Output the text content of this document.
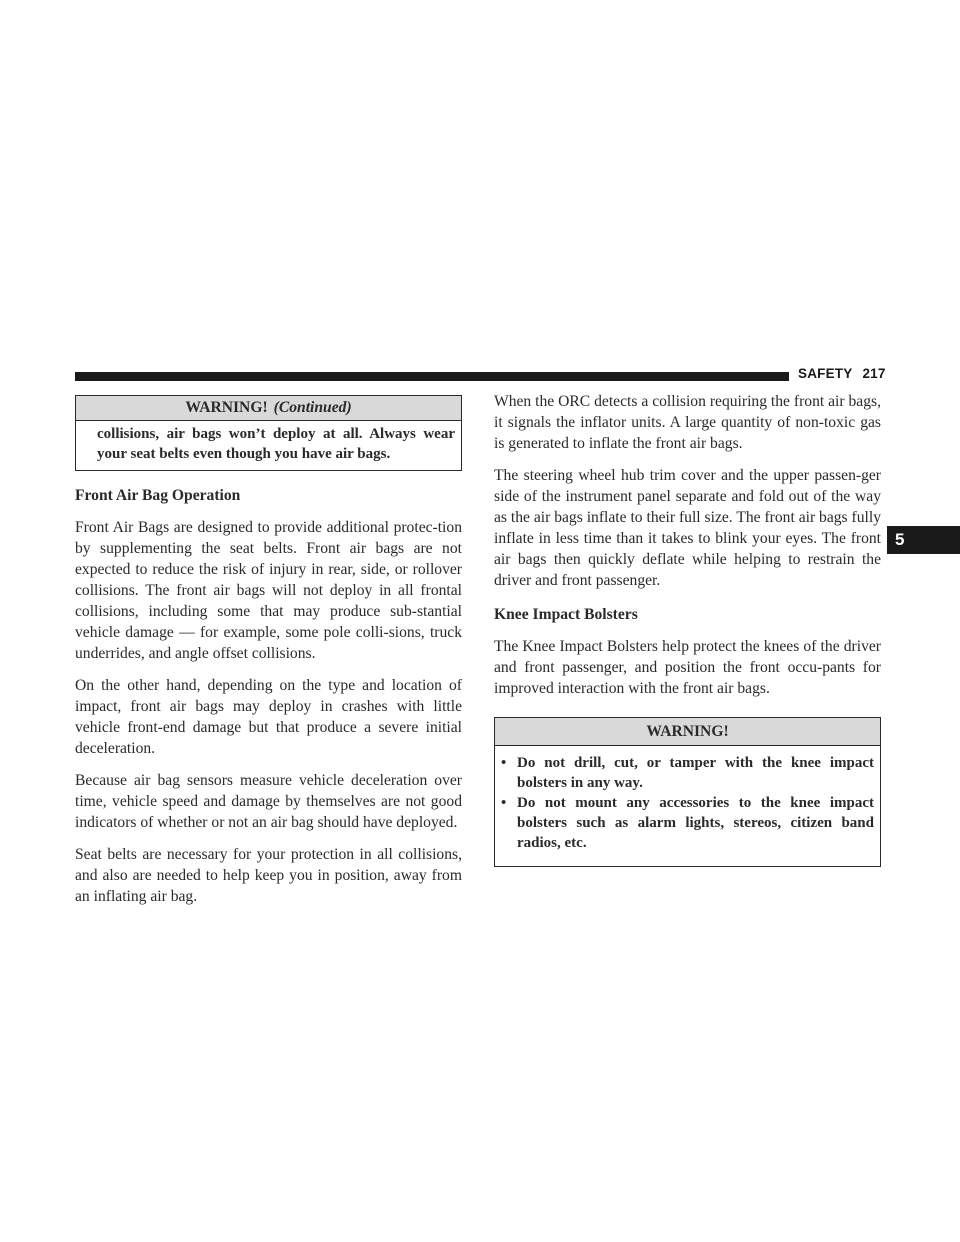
SAFETY 217
5
WARNING! (Continued)
collisions, air bags won’t deploy at all. Always wear your seat belts even though you have air bags.
Front Air Bag Operation

Front Air Bags are designed to provide additional protec-tion by supplementing the seat belts. Front air bags are not expected to reduce the risk of injury in rear, side, or rollover collisions. The front air bags will not deploy in all frontal collisions, including some that may produce sub-stantial vehicle damage — for example, some pole colli-sions, truck underrides, and angle offset collisions.

On the other hand, depending on the type and location of impact, front air bags may deploy in crashes with little vehicle front-end damage but that produce a severe initial deceleration.

Because air bag sensors measure vehicle deceleration over time, vehicle speed and damage by themselves are not good indicators of whether or not an air bag should have deployed.

Seat belts are necessary for your protection in all collisions, and also are needed to help keep you in position, away from an inflating air bag.

When the ORC detects a collision requiring the front air bags, it signals the inflator units. A large quantity of non-toxic gas is generated to inflate the front air bags.

The steering wheel hub trim cover and the upper passen-ger side of the instrument panel separate and fold out of the way as the air bags inflate to their full size. The front air bags fully inflate in less time than it takes to blink your eyes. The front air bags then quickly deflate while helping to restrain the driver and front passenger.

Knee Impact Bolsters

The Knee Impact Bolsters help protect the knees of the driver and front passenger, and position the front occu-pants for improved interaction with the front air bags.

WARNING!
• Do not drill, cut, or tamper with the knee impact bolsters in any way.
• Do not mount any accessories to the knee impact bolsters such as alarm lights, stereos, citizen band radios, etc.
